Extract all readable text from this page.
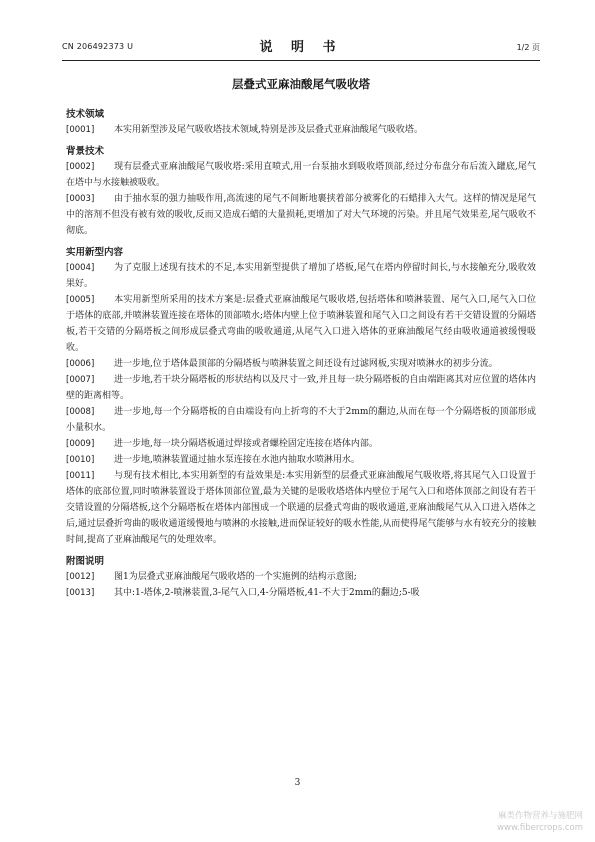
CN 206492373 U	说 明 书	1/2 页
层叠式亚麻油酸尾气吸收塔
技术领域
[0001] 本实用新型涉及尾气吸收塔技术领域,特别是涉及层叠式亚麻油酸尾气吸收塔。
背景技术
[0002] 现有层叠式亚麻油酸尾气吸收塔:采用直喷式,用一台泵抽水到吸收塔顶部,经过分布盘分布后流入罐底,尾气在塔中与水接触被吸收。
[0003] 由于抽水泵的强力抽吸作用,高流速的尾气不间断地裹挟着部分被雾化的石蜡排入大气。这样的情况是尾气中的溶剂不但没有被有效的吸收,反而又造成石蜡的大量损耗,更增加了对大气环境的污染。并且尾气效果差,尾气吸收不彻底。
实用新型内容
[0004] 为了克服上述现有技术的不足,本实用新型提供了增加了塔板,尾气在塔内停留时间长,与水接触充分,吸收效果好。
[0005] 本实用新型所采用的技术方案是:层叠式亚麻油酸尾气吸收塔,包括塔体和喷淋装置、尾气入口,尾气入口位于塔体的底部,并喷淋装置连接在塔体的顶部喷水;塔体内壁上位于喷淋装置和尾气入口之间设有若干交错设置的分隔塔板,若干交错的分隔塔板之间形成层叠式弯曲的吸收通道,从尾气入口进入塔体的亚麻油酸尾气经由吸收通道被缓慢吸收。
[0006] 进一步地,位于塔体最顶部的分隔塔板与喷淋装置之间还设有过滤网板,实现对喷淋水的初步分流。
[0007] 进一步地,若干块分隔塔板的形状结构以及尺寸一致,并且每一块分隔塔板的自由端距离其对应位置的塔体内壁的距离相等。
[0008] 进一步地,每一个分隔塔板的自由端设有向上折弯的不大于2mm的翻边,从而在每一个分隔塔板的顶部形成小量积水。
[0009] 进一步地,每一块分隔塔板通过焊接或者螺栓固定连接在塔体内部。
[0010] 进一步地,喷淋装置通过抽水泵连接在水池内抽取水喷淋用水。
[0011] 与现有技术相比,本实用新型的有益效果是:本实用新型的层叠式亚麻油酸尾气吸收塔,将其尾气入口设置于塔体的底部位置,同时喷淋装置设于塔体顶部位置,最为关键的是吸收塔塔体内壁位于尾气入口和塔体顶部之间设有若干交错设置的分隔塔板,这个分隔塔板在塔体内部围成一个联通的层叠式弯曲的吸收通道,亚麻油酸尾气从入口进入塔体之后,通过层叠折弯曲的吸收通道缓慢地与喷淋的水接触,进而保证较好的吸水性能,从而使得尾气能够与水有较充分的接触时间,提高了亚麻油酸尾气的处理效率。
附图说明
[0012] 图1为层叠式亚麻油酸尾气吸收塔的一个实施例的结构示意图;
[0013] 其中:1-塔体,2-喷淋装置,3-尾气入口,4-分隔塔板,41-不大于2mm的翻边;5-吸
3
麻类作物营养与施肥网
www.fibercrops.com
